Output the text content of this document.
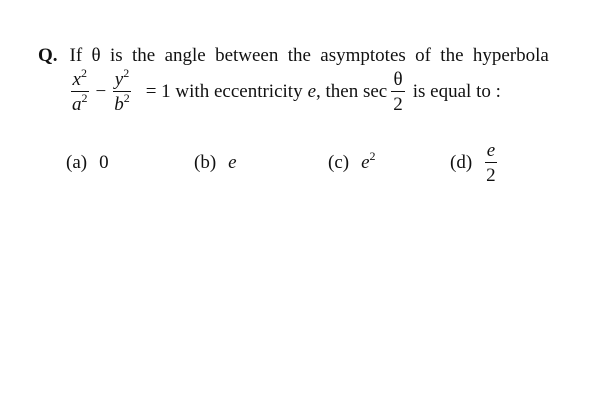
Q. If θ is the angle between the asymptotes of the hyperbola
$\frac{x^2}{a^2} - \frac{y^2}{b^2} = 1$ with eccentricity e , then $\sec \frac{\theta}{2}$ is equal to :
(a) 0	(b) e	(c) $e^2$	$(d) \frac{e}{2}$
